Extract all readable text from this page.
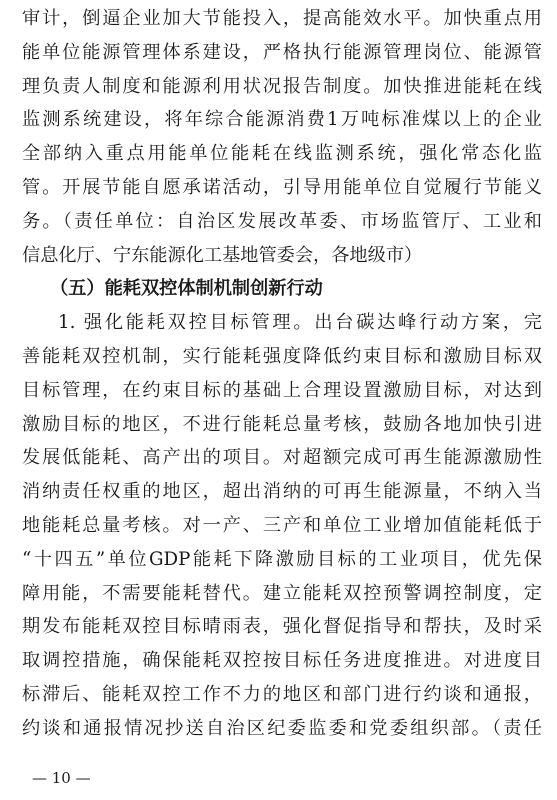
审计，倒逼企业加大节能投入，提高能效水平。加快重点用
能单位能源管理体系建设，严格执行能源管理岗位、能源管
理负责人制度和能源利用状况报告制度。加快推进能耗在线
监测系统建设，将年综合能源消费1万吨标准煤以上的企业
全部纳入重点用能单位能耗在线监测系统，强化常态化监
管。开展节能自愿承诺活动，引导用能单位自觉履行节能义
务。（责任单位：自治区发展改革委、市场监管厅、工业和
信息化厅、宁东能源化工基地管委会，各地级市）
（五）能耗双控体制机制创新行动
1. 强化能耗双控目标管理。出台碳达峰行动方案，完
善能耗双控机制，实行能耗强度降低约束目标和激励目标双
目标管理，在约束目标的基础上合理设置激励目标，对达到
激励目标的地区，不进行能耗总量考核，鼓励各地加快引进
发展低能耗、高产出的项目。对超额完成可再生能源激励性
消纳责任权重的地区，超出消纳的可再生能源量，不纳入当
地能耗总量考核。对一产、三产和单位工业增加值能耗低于
“十四五”单位GDP能耗下降激励目标的工业项目，优先保
障用能，不需要能耗替代。建立能耗双控预警调控制度，定
期发布能耗双控目标晴雨表，强化督促指导和帮扶，及时采
取调控措施，确保能耗双控按目标任务进度推进。对进度目
标滞后、能耗双控工作不力的地区和部门进行约谈和通报，
约谈和通报情况抄送自治区纪委监委和党委组织部。（责任
— 10 —
